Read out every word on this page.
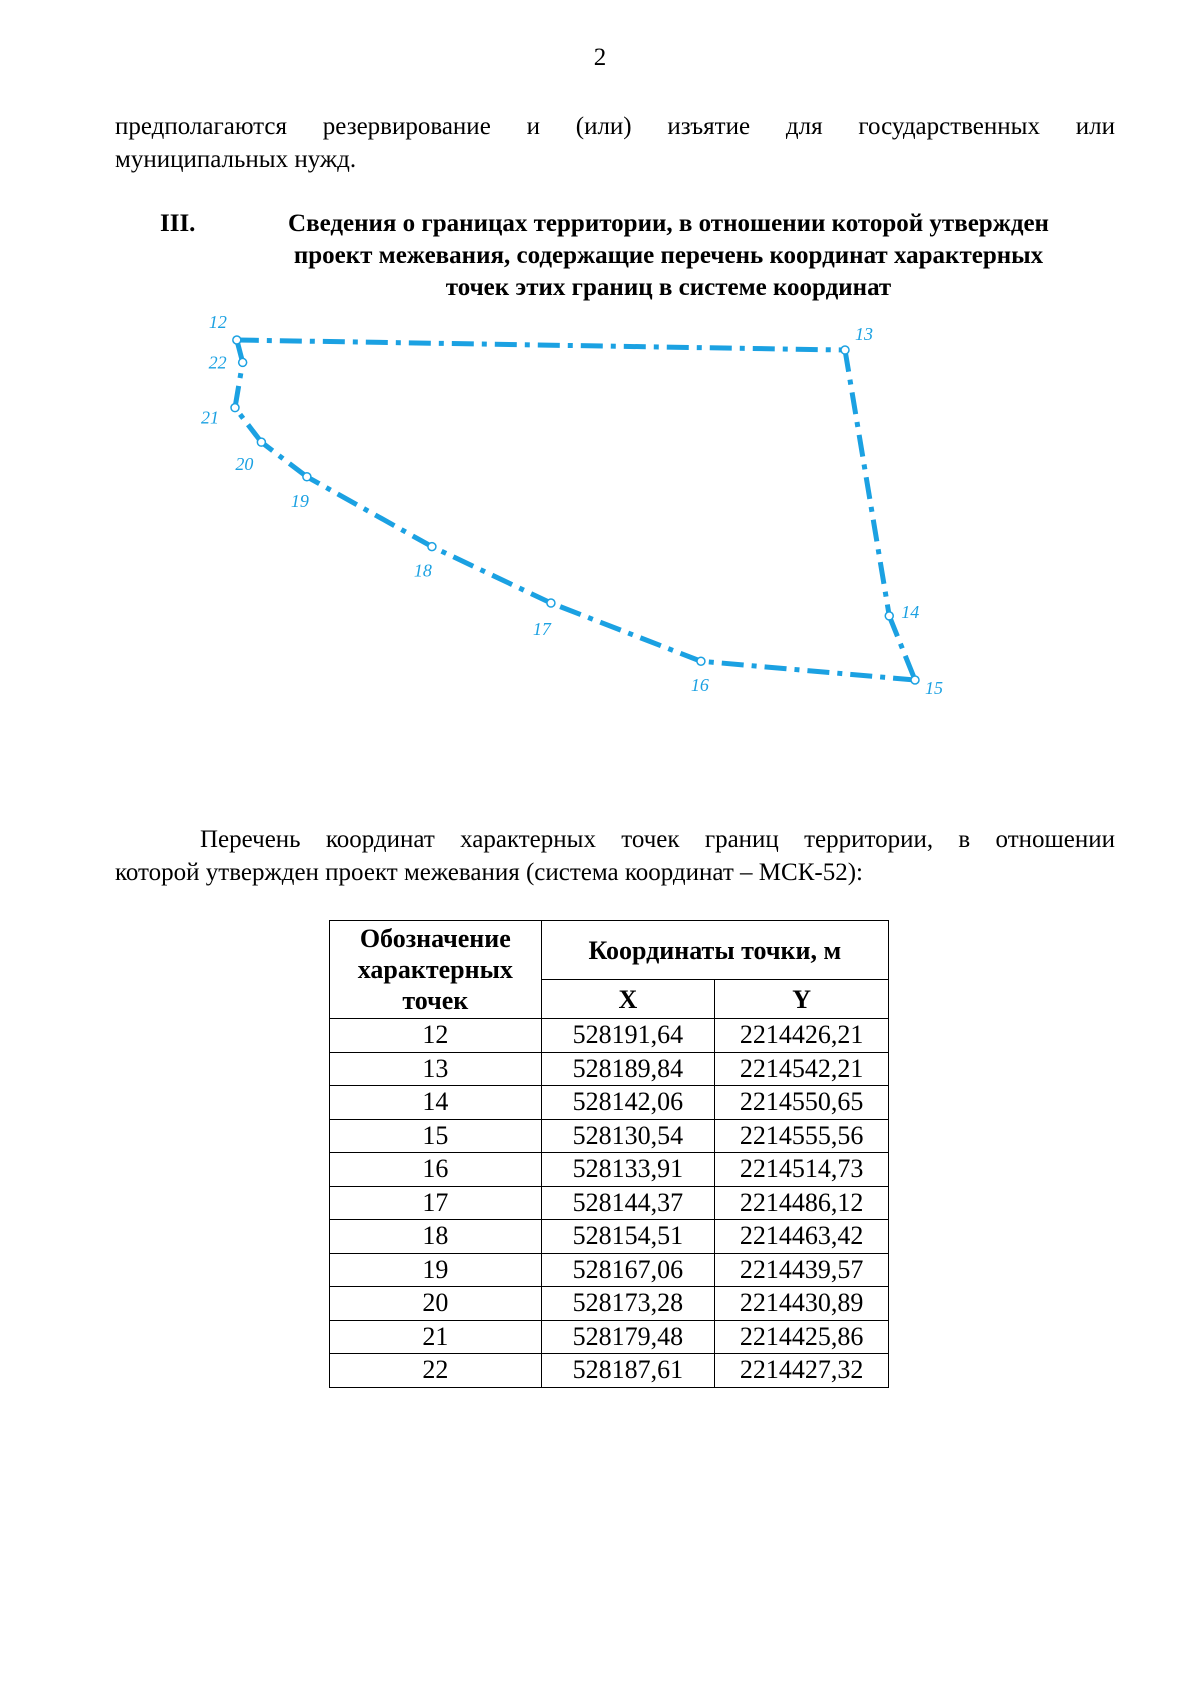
2

предполагаются резервирование и (или) изъятие для государственных или
муниципальных нужд.

III.	Сведения о границах территории, в отношении которой утвержден
проект межевания, содержащие перечень координат характерных
точек этих границ в системе координат
12
13
14
15
16
17
18
19
20
21
22

Перечень координат характерных точек границ территории, в отношении
которой утвержден проект межевания (система координат – МСК-52):

Обозначение характерных точек	Координаты точки, м	
	X	Y
12	528191,64	2214426,21
13	528189,84	2214542,21
14	528142,06	2214550,65
15	528130,54	2214555,56
16	528133,91	2214514,73
17	528144,37	2214486,12
18	528154,51	2214463,42
19	528167,06	2214439,57
20	528173,28	2214430,89
21	528179,48	2214425,86
22	528187,61	2214427,32
